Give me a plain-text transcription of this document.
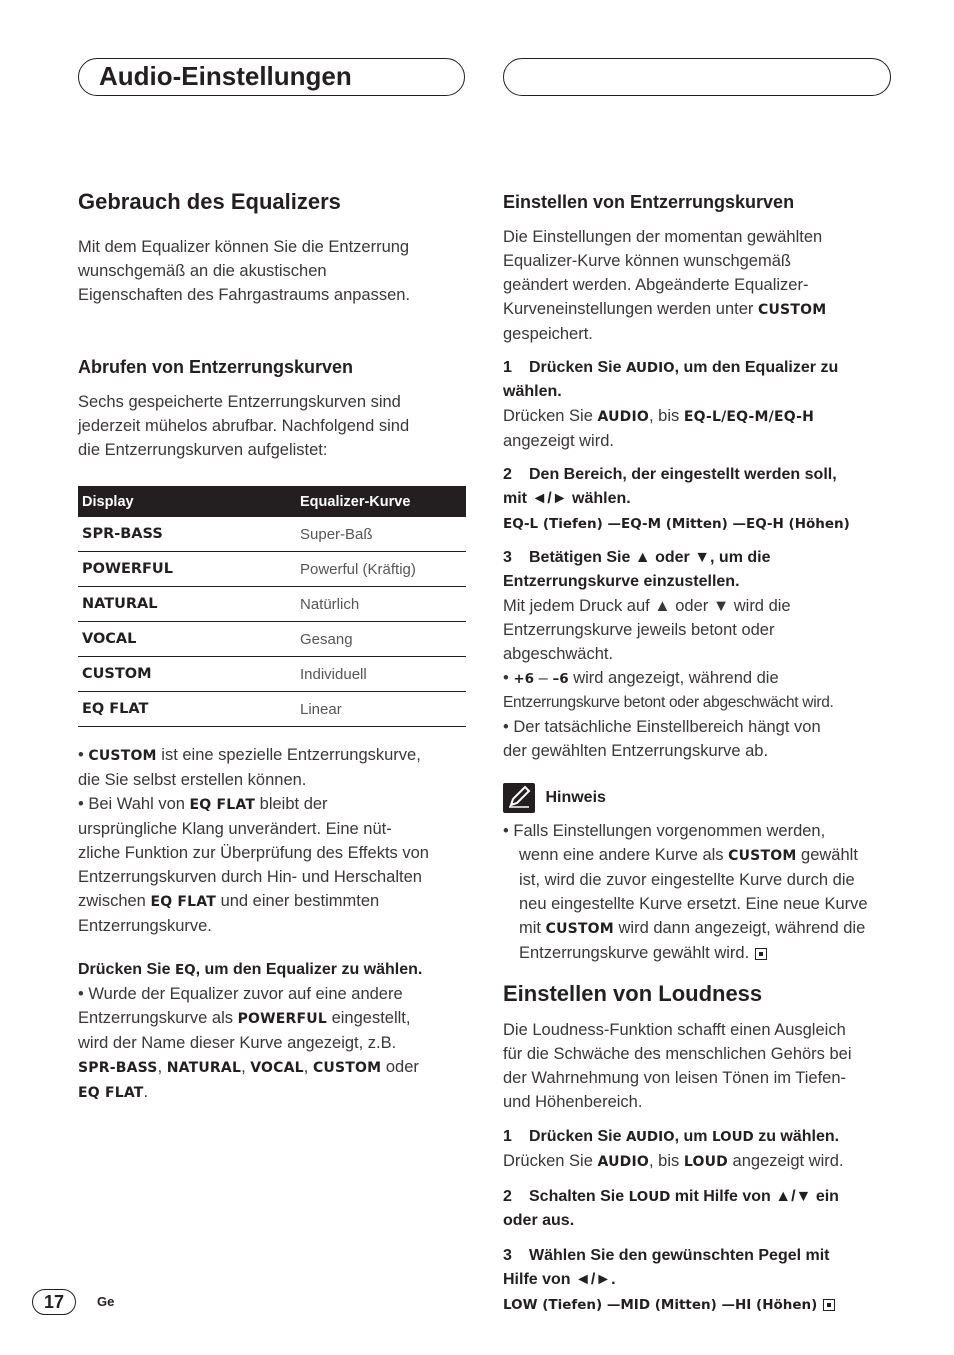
Audio-Einstellungen

Gebrauch des Equalizers

Mit dem Equalizer können Sie die Entzerrung

wunschgemäß an die akustischen

Eigenschaften des Fahrgastraums anpassen.

Abrufen von Entzerrungskurven

Sechs gespeicherte Entzerrungskurven sind

jederzeit mühelos abrufbar. Nachfolgend sind

die Entzerrungskurven aufgelistet:

Display	Equalizer-Kurve
SPR-BASS	Super-Baß
POWERFUL	Powerful (Kräftig)
NATURAL	Natürlich
VOCAL	Gesang
CUSTOM	Individuell
EQ FLAT	Linear

• CUSTOM ist eine spezielle Entzerrungskurve,

die Sie selbst erstellen können.

• Bei Wahl von EQ FLAT bleibt der

ursprüngliche Klang unverändert. Eine nüt-

zliche Funktion zur Überprüfung des Effekts von

Entzerrungskurven durch Hin- und Herschalten

zwischen EQ FLAT und einer bestimmten

Entzerrungskurve.

Drücken Sie EQ, um den Equalizer zu wählen.

• Wurde der Equalizer zuvor auf eine andere

Entzerrungskurve als POWERFUL eingestellt,

wird der Name dieser Kurve angezeigt, z.B.

SPR-BASS, NATURAL, VOCAL, CUSTOM oder

EQ FLAT.

Einstellen von Entzerrungskurven

Die Einstellungen der momentan gewählten

Equalizer-Kurve können wunschgemäß

geändert werden. Abgeänderte Equalizer-

Kurveneinstellungen werden unter CUSTOM

gespeichert.

1 Drücken Sie AUDIO, um den Equalizer zu

wählen.

Drücken Sie AUDIO, bis EQ-L/EQ-M/EQ-H

angezeigt wird.

2 Den Bereich, der eingestellt werden soll,

mit ◄/► wählen.

EQ-L (Tiefen) —EQ-M (Mitten) —EQ-H (Höhen)

3 Betätigen Sie ▲ oder ▼, um die

Entzerrungskurve einzustellen.

Mit jedem Druck auf ▲ oder ▼ wird die

Entzerrungskurve jeweils betont oder

abgeschwächt.

• +6 – –6 wird angezeigt, während die

Entzerrungskurve betont oder abgeschwächt wird.

• Der tatsächliche Einstellbereich hängt von

der gewählten Entzerrungskurve ab.

Hinweis

• Falls Einstellungen vorgenommen werden,

wenn eine andere Kurve als CUSTOM gewählt

ist, wird die zuvor eingestellte Kurve durch die

neu eingestellte Kurve ersetzt. Eine neue Kurve

mit CUSTOM wird dann angezeigt, während die

Entzerrungskurve gewählt wird.

Einstellen von Loudness

Die Loudness-Funktion schafft einen Ausgleich

für die Schwäche des menschlichen Gehörs bei

der Wahrnehmung von leisen Tönen im Tiefen-

und Höhenbereich.

1 Drücken Sie AUDIO, um LOUD zu wählen.

Drücken Sie AUDIO, bis LOUD angezeigt wird.

2 Schalten Sie LOUD mit Hilfe von ▲/▼ ein

oder aus.

3 Wählen Sie den gewünschten Pegel mit

Hilfe von ◄/►.

LOW (Tiefen) —MID (Mitten) —HI (Höhen)

17	Ge
